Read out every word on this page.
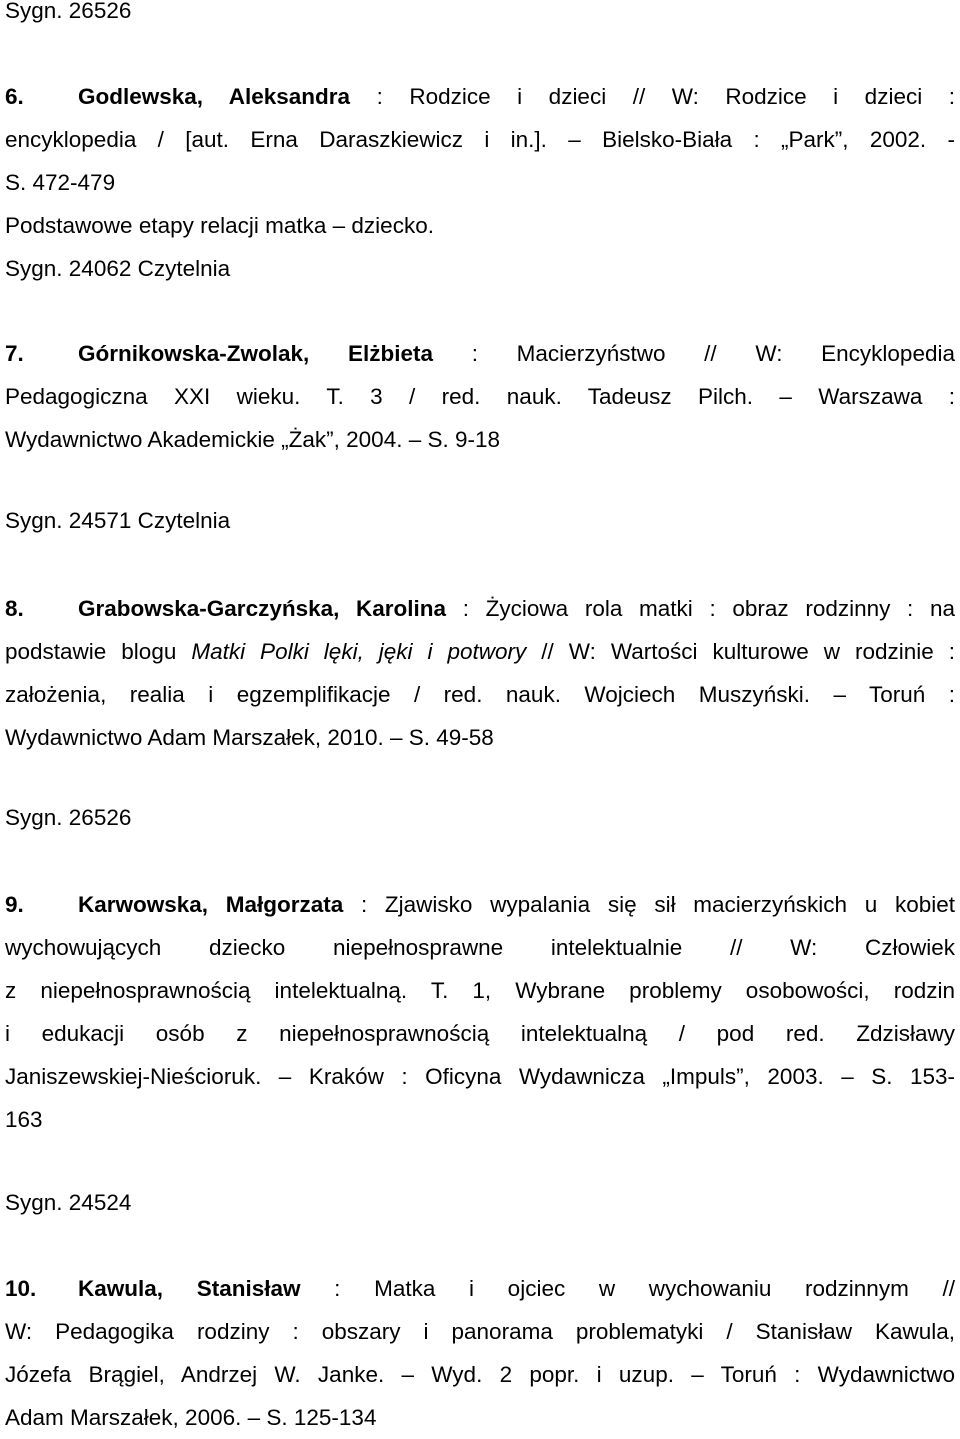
Sygn. 26526
6. Godlewska, Aleksandra : Rodzice i dzieci // W: Rodzice i dzieci :
encyklopedia / [aut. Erna Daraszkiewicz i in.]. – Bielsko-Biała : „Park”, 2002. -
S. 472-479
Podstawowe etapy relacji matka – dziecko.
Sygn. 24062 Czytelnia
7. Górnikowska-Zwolak, Elżbieta : Macierzyństwo // W: Encyklopedia
Pedagogiczna XXI wieku. T. 3 / red. nauk. Tadeusz Pilch. – Warszawa :
Wydawnictwo Akademickie „Żak”, 2004. – S. 9-18
Sygn. 24571 Czytelnia
8. Grabowska-Garczyńska, Karolina : Życiowa rola matki : obraz rodzinny : na
podstawie blogu Matki Polki lęki, jęki i potwory // W: Wartości kulturowe w rodzinie :
założenia, realia i egzemplifikacje / red. nauk. Wojciech Muszyński. – Toruń :
Wydawnictwo Adam Marszałek, 2010. – S. 49-58
Sygn. 26526
9. Karwowska, Małgorzata : Zjawisko wypalania się sił macierzyńskich u kobiet
wychowujących dziecko niepełnosprawne intelektualnie // W: Człowiek
z niepełnosprawnością intelektualną. T. 1, Wybrane problemy osobowości, rodzin
i edukacji osób z niepełnosprawnością intelektualną / pod red. Zdzisławy
Janiszewskiej-Nieścioruk. – Kraków : Oficyna Wydawnicza „Impuls”, 2003. – S. 153-
163
Sygn. 24524
10. Kawula, Stanisław : Matka i ojciec w wychowaniu rodzinnym //
W: Pedagogika rodziny : obszary i panorama problematyki / Stanisław Kawula,
Józefa Brągiel, Andrzej W. Janke. – Wyd. 2 popr. i uzup. – Toruń : Wydawnictwo
Adam Marszałek, 2006. – S. 125-134
